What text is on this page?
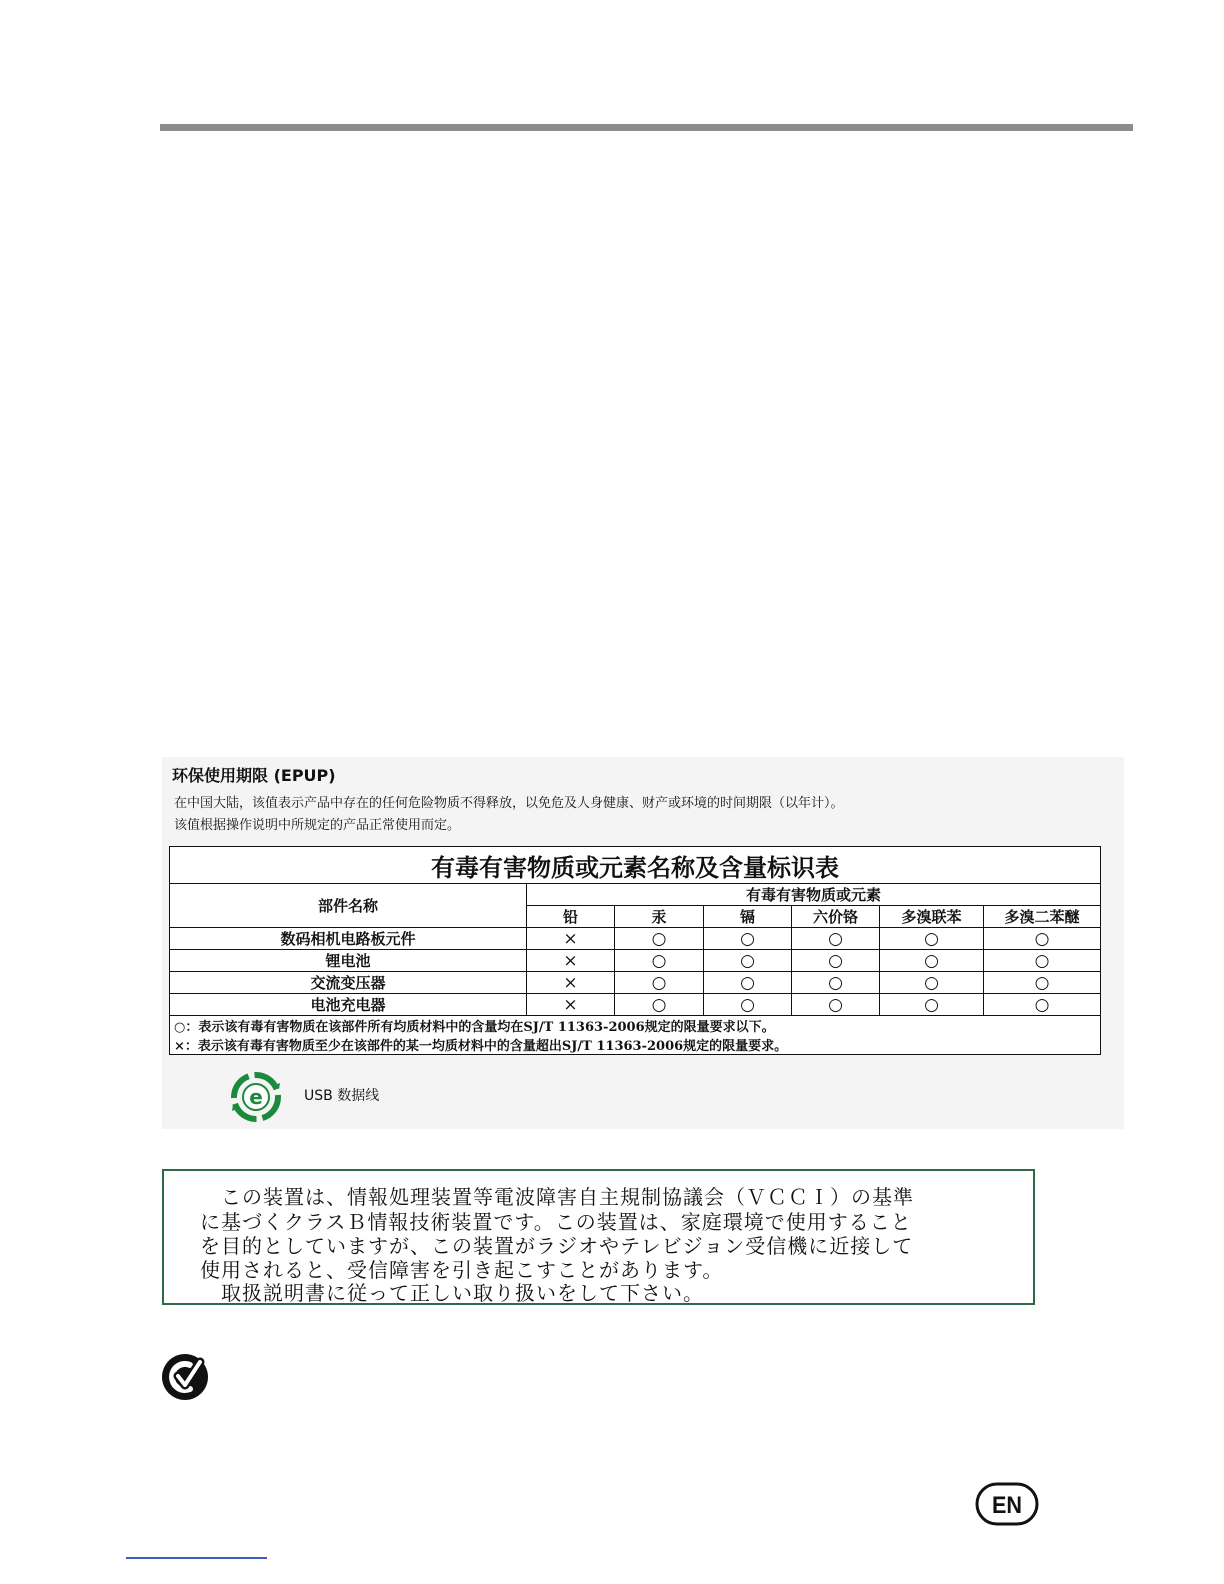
环保使用期限 (EPUP)
在中国大陆，该值表示产品中存在的任何危险物质不得释放，以免危及人身健康、财产或环境的时间期限（以年计）。
该值根据操作说明中所规定的产品正常使用而定。
有毒有害物质或元素名称及含量标识表						
部件名称	有毒有害物质或元素					
	铅	汞	镉	六价铬	多溴联苯	多溴二苯醚
数码相机电路板元件	×	○	○	○	○	○
锂电池	×	○	○	○	○	○
交流变压器	×	○	○	○	○	○
电池充电器	×	○	○	○	○	○
○：表示该有毒有害物质在该部件所有均质材料中的含量均在SJ/T 11363-2006规定的限量要求以下。						
×：表示该有毒有害物质至少在该部件的某一均质材料中的含量超出SJ/T 11363-2006规定的限量要求。						
e	USB 数据线
　この装置は、情報処理装置等電波障害自主規制協議会（ＶＣＣＩ）の基準
に基づくクラスＢ情報技術装置です。この装置は、家庭環境で使用すること
を目的としていますが、この装置がラジオやテレビジョン受信機に近接して
使用されると、受信障害を引き起こすことがあります。
　取扱説明書に従って正しい取り扱いをして下さい。
EN
